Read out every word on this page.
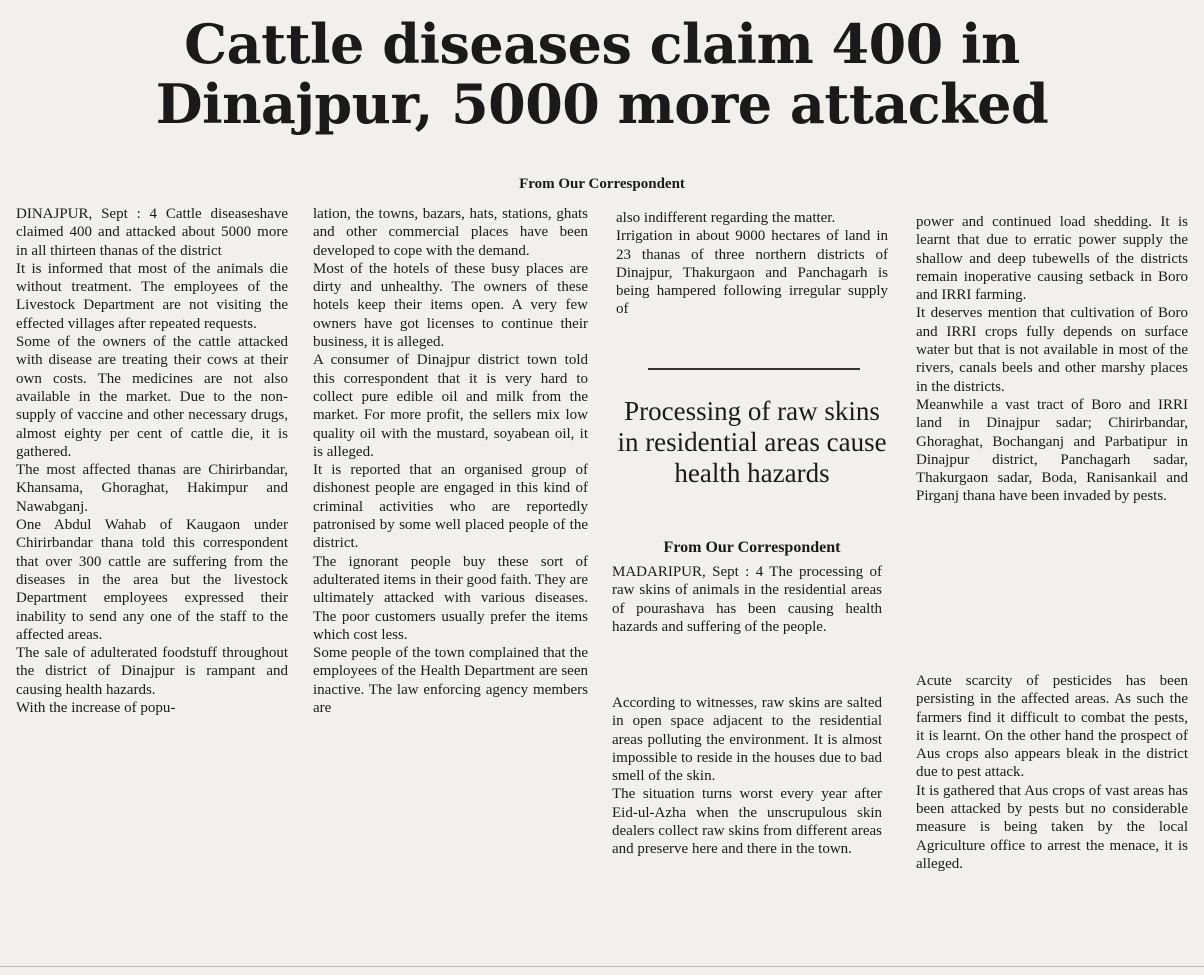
Cattle diseases claim 400 in
Dinajpur, 5000 more attacked
From Our Correspondent
DINAJPUR, Sept : 4 Cattle diseaseshave claimed 400 and attacked about 5000 more in all thirteen thanas of the district
It is informed that most of the animals die without treatment. The employees of the Livestock Department are not visiting the effected villages after repeated requests.
Some of the owners of the cattle attacked with disease are treating their cows at their own costs. The medicines are not also available in the market. Due to the non-supply of vaccine and other necessary drugs, almost eighty per cent of cattle die, it is gathered.
The most affected thanas are Chirirbandar, Khansama, Ghoraghat, Hakimpur and Nawabganj.
One Abdul Wahab of Kaugaon under Chirirbandar thana told this correspondent that over 300 cattle are suffering from the diseases in the area but the livestock Department employees expressed their inability to send any one of the staff to the affected areas.
The sale of adulterated foodstuff throughout the district of Dinajpur is rampant and causing health hazards.
With the increase of popu-
lation, the towns, bazars, hats, stations, ghats and other commercial places have been developed to cope with the demand.
Most of the hotels of these busy places are dirty and unhealthy. The owners of these hotels keep their items open. A very few owners have got licenses to continue their business, it is alleged.
A consumer of Dinajpur district town told this correspondent that it is very hard to collect pure edible oil and milk from the market. For more profit, the sellers mix low quality oil with the mustard, soyabean oil, it is alleged.
It is reported that an organised group of dishonest people are engaged in this kind of criminal activities who are reportedly patronised by some well placed people of the district.
The ignorant people buy these sort of adulterated items in their good faith. They are ultimately attacked with various diseases. The poor customers usually prefer the items which cost less.
Some people of the town complained that the employees of the Health Department are seen inactive. The law enforcing agency members are
also indifferent regarding the matter.
Irrigation in about 9000 hectares of land in 23 thanas of three northern districts of Dinajpur, Thakurgaon and Panchagarh is being hampered following irregular supply of
Processing of raw skins in residential areas cause health hazards
From Our Correspondent
MADARIPUR, Sept : 4 The processing of raw skins of animals in the residential areas of pourashava has been causing health hazards and suffering of the people.
According to witnesses, raw skins are salted in open space adjacent to the residential areas polluting the environment. It is almost impossible to reside in the houses due to bad smell of the skin.
The situation turns worst every year after Eid-ul-Azha when the unscrupulous skin dealers collect raw skins from different areas and preserve here and there in the town.
power and continued load shedding. It is learnt that due to erratic power supply the shallow and deep tubewells of the districts remain inoperative causing setback in Boro and IRRI farming.
It deserves mention that cultivation of Boro and IRRI crops fully depends on surface water but that is not available in most of the rivers, canals beels and other marshy places in the districts.
Meanwhile a vast tract of Boro and IRRI land in Dinajpur sadar; Chirirbandar, Ghoraghat, Bochanganj and Parbatipur in Dinajpur district, Panchagarh sadar, Thakurgaon sadar, Boda, Ranisankail and Pirganj thana have been invaded by pests.
Acute scarcity of pesticides has been persisting in the affected areas. As such the farmers find it difficult to combat the pests, it is learnt. On the other hand the prospect of Aus crops also appears bleak in the district due to pest attack.
It is gathered that Aus crops of vast areas has been attacked by pests but no considerable measure is being taken by the local Agriculture office to arrest the menace, it is alleged.
